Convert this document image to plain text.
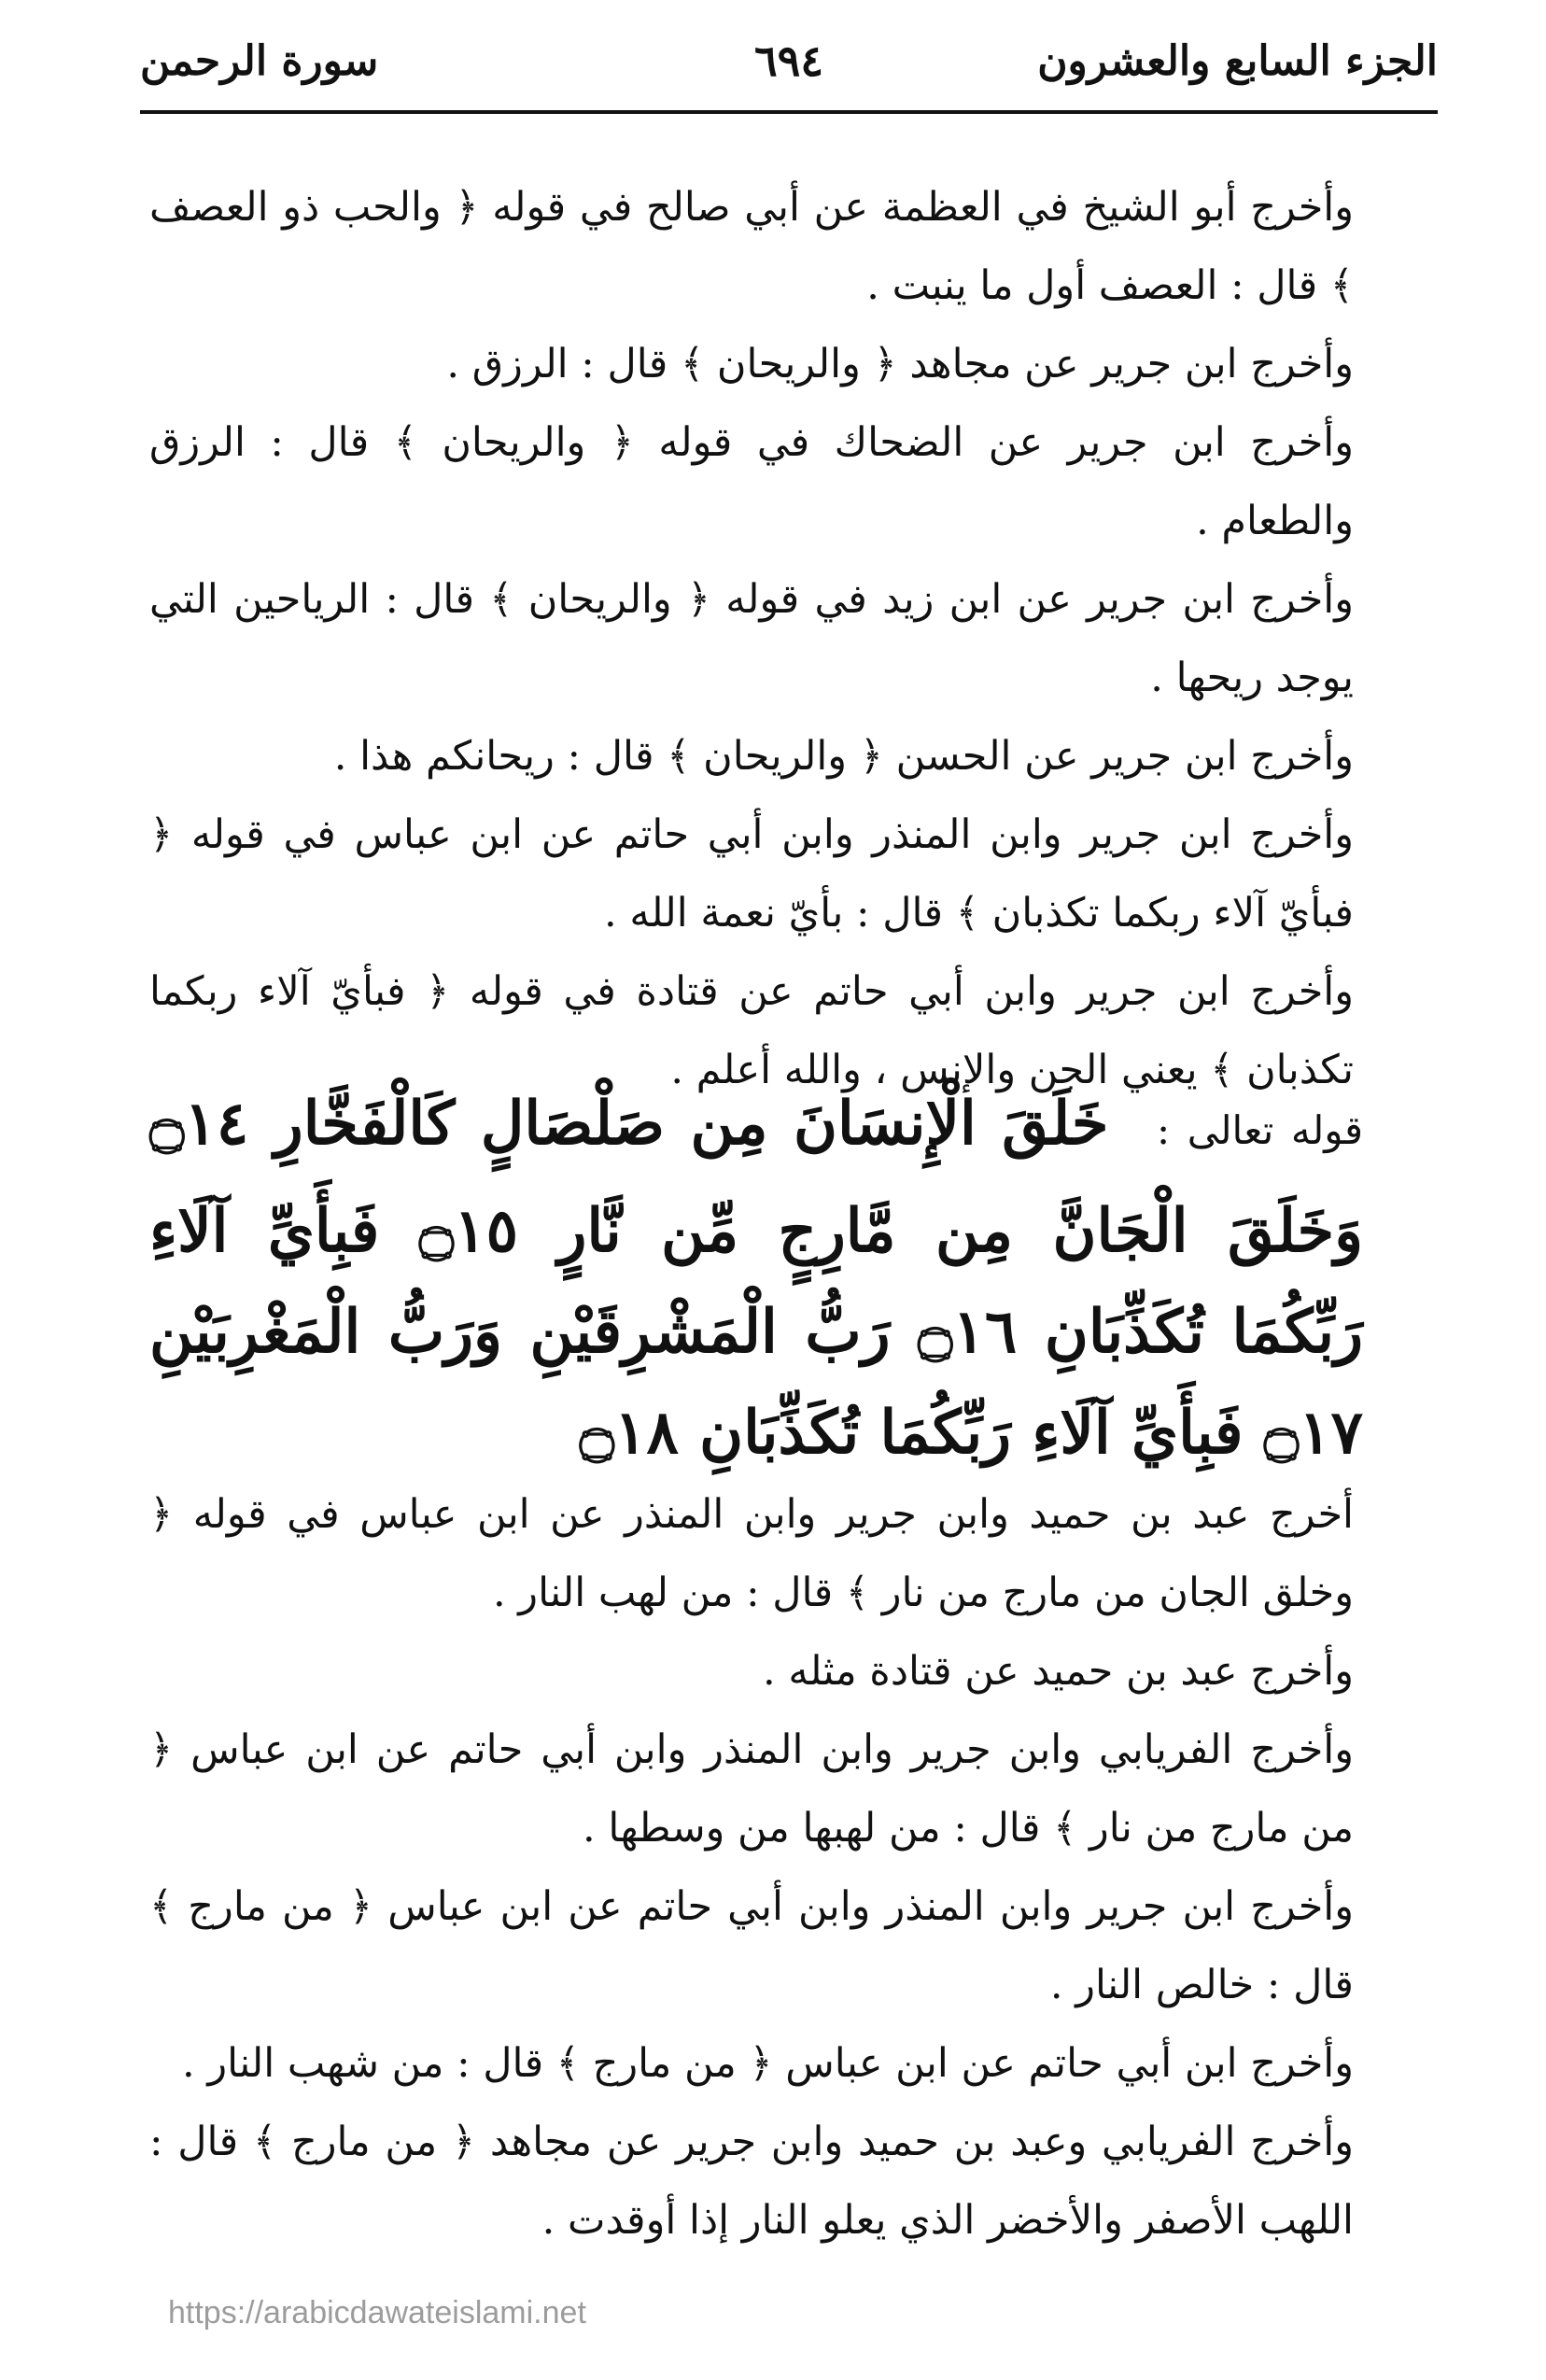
الجزء السابع والعشرون
٦٩٤
سورة الرحمن

وأخرج أبو الشيخ في العظمة عن أبي صالح في قوله ﴿ والحب ذو العصف ﴾ قال : العصف أول ما ينبت .

وأخرج ابن جرير عن مجاهد ﴿ والريحان ﴾ قال : الرزق .

وأخرج ابن جرير عن الضحاك في قوله ﴿ والريحان ﴾ قال : الرزق والطعام .

وأخرج ابن جرير عن ابن زيد في قوله ﴿ والريحان ﴾ قال : الرياحين التي يوجد ريحها .

وأخرج ابن جرير عن الحسن ﴿ والريحان ﴾ قال : ريحانكم هذا .

وأخرج ابن جرير وابن المنذر وابن أبي حاتم عن ابن عباس في قوله ﴿ فبأيّ آلاء ربكما تكذبان ﴾ قال : بأيّ نعمة الله .

وأخرج ابن جرير وابن أبي حاتم عن قتادة في قوله ﴿ فبأيّ آلاء ربكما تكذبان ﴾ يعني الجن والإنس ، والله أعلم .

قوله تعالى : خَلَقَ الْإِنسَانَ مِن صَلْصَالٍ كَالْفَخَّارِ ۝١٤ وَخَلَقَ الْجَانَّ مِن مَّارِجٍ مِّن نَّارٍ ۝١٥ فَبِأَيِّ آلَاءِ رَبِّكُمَا تُكَذِّبَانِ ۝١٦ رَبُّ الْمَشْرِقَيْنِ وَرَبُّ الْمَغْرِبَيْنِ ۝١٧ فَبِأَيِّ آلَاءِ رَبِّكُمَا تُكَذِّبَانِ ۝١٨

أخرج عبد بن حميد وابن جرير وابن المنذر عن ابن عباس في قوله ﴿ وخلق الجان من مارج من نار ﴾ قال : من لهب النار .

وأخرج عبد بن حميد عن قتادة مثله .

وأخرج الفريابي وابن جرير وابن المنذر وابن أبي حاتم عن ابن عباس ﴿ من مارج من نار ﴾ قال : من لهبها من وسطها .

وأخرج ابن جرير وابن المنذر وابن أبي حاتم عن ابن عباس ﴿ من مارج ﴾ قال : خالص النار .

وأخرج ابن أبي حاتم عن ابن عباس ﴿ من مارج ﴾ قال : من شهب النار .

وأخرج الفريابي وعبد بن حميد وابن جرير عن مجاهد ﴿ من مارج ﴾ قال : اللهب الأصفر والأخضر الذي يعلو النار إذا أوقدت .

https://arabicdawateislami.net
